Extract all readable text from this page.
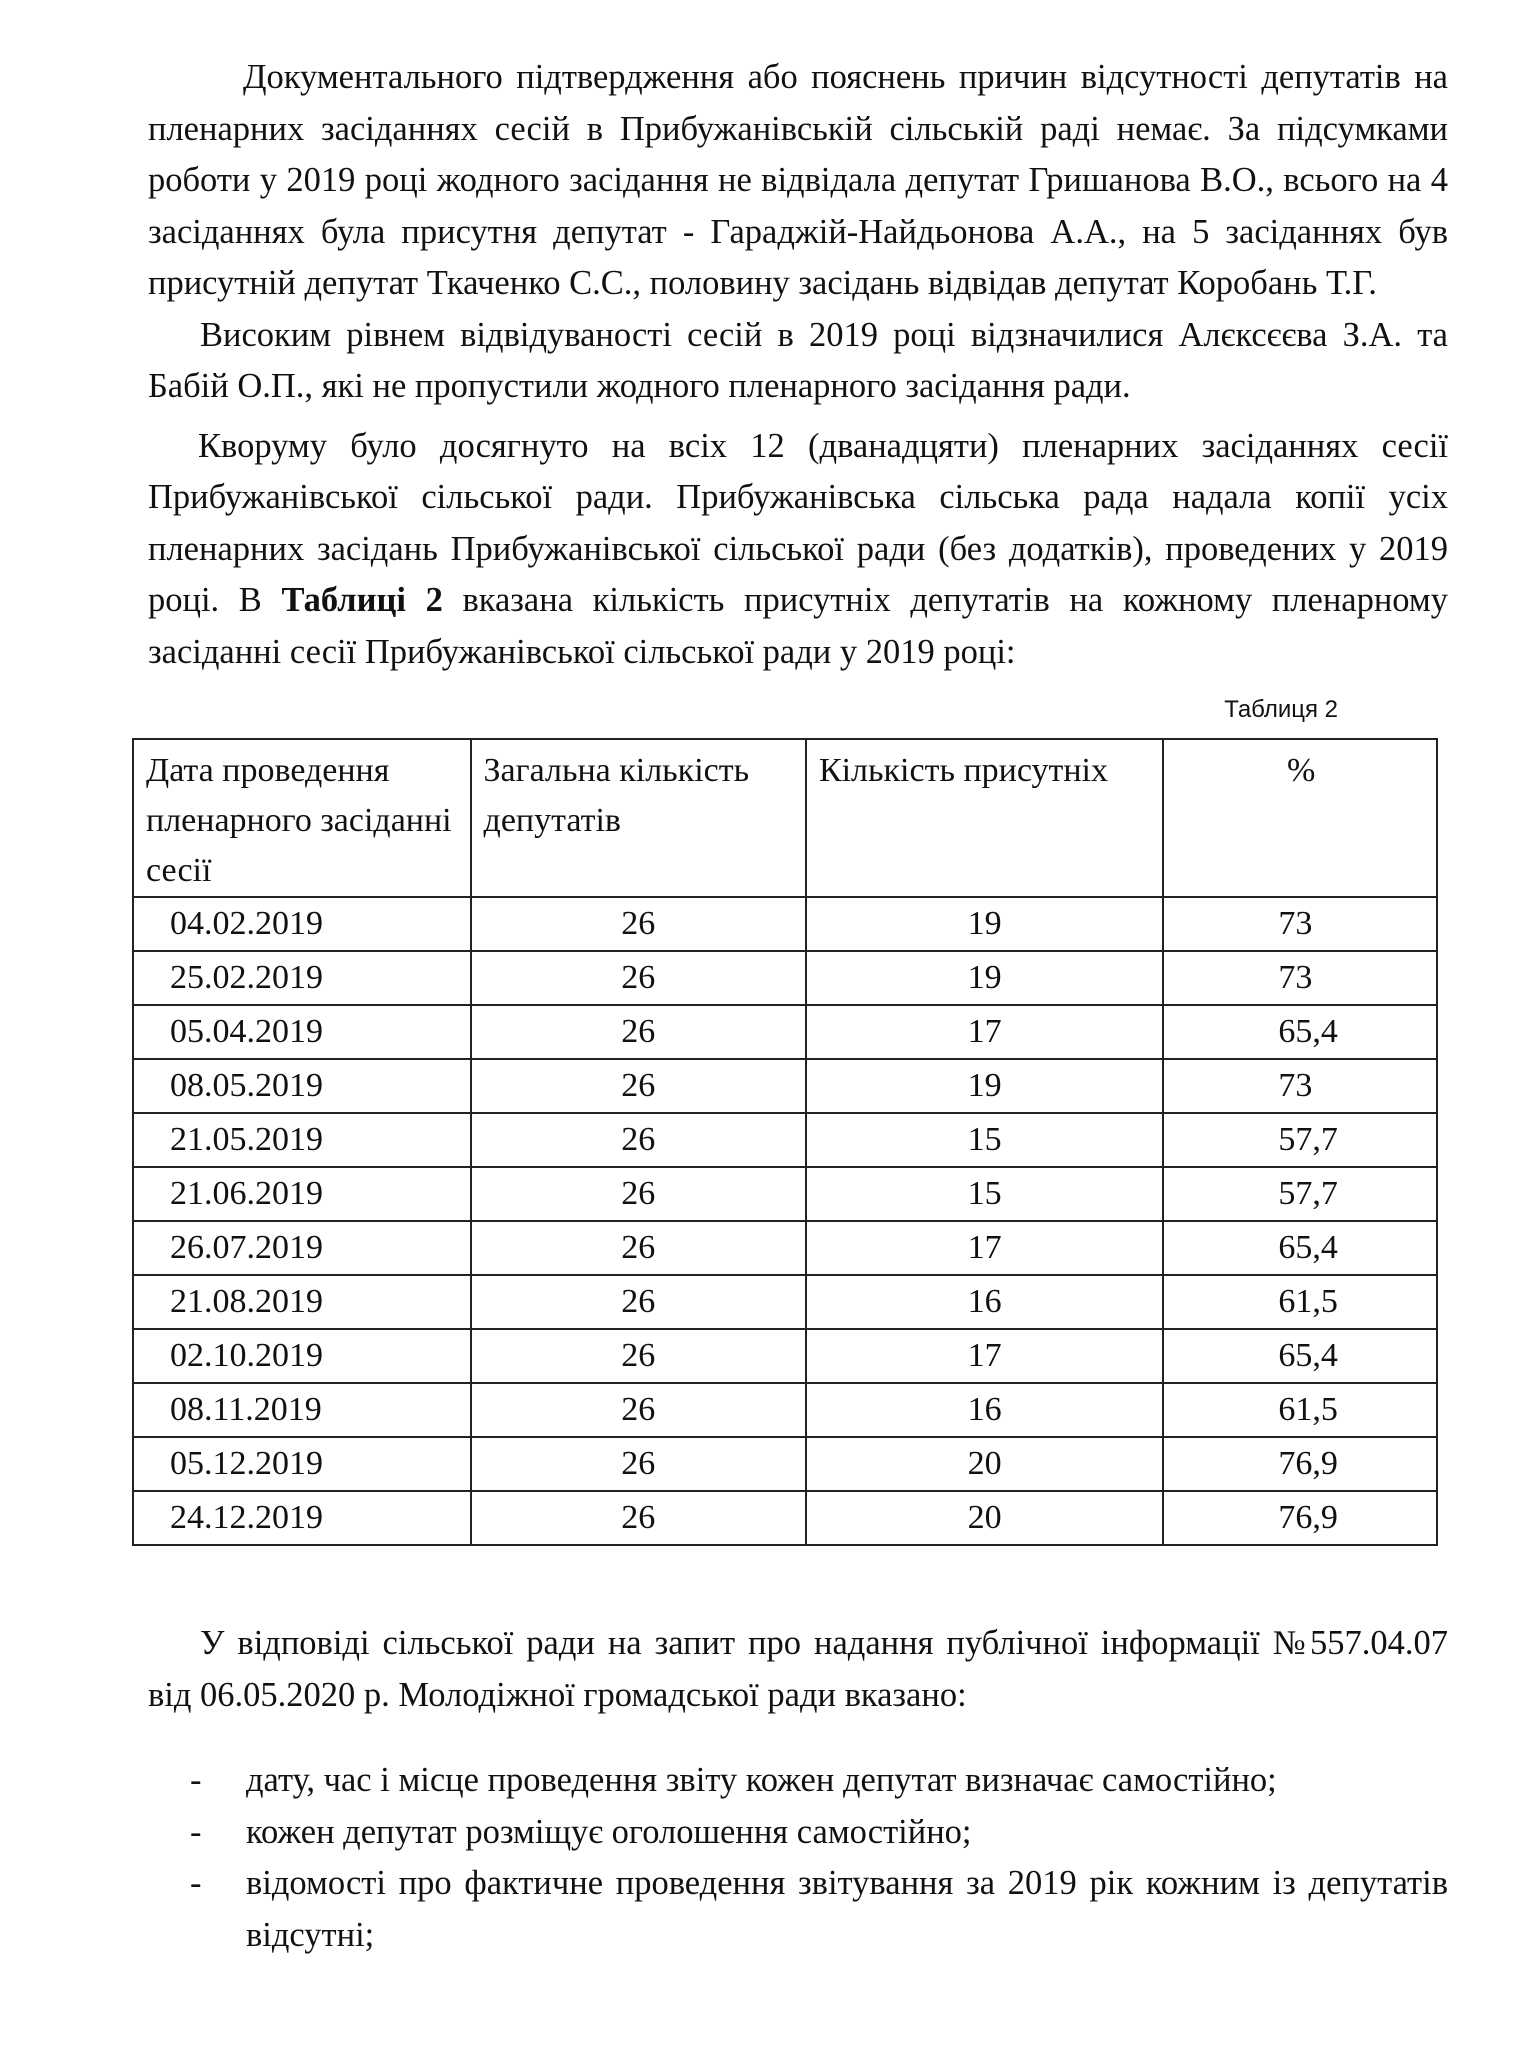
Документального підтвердження або пояснень причин відсутності депутатів на пленарних засіданнях сесій в Прибужанівській сільській раді немає. За підсумками роботи у 2019 році жодного засідання не відвідала депутат Гришанова В.О., всього на 4 засіданнях була присутня депутат - Гараджій-Найдьонова А.А., на 5 засіданнях був присутній депутат Ткаченко С.С., половину засідань відвідав депутат Коробань Т.Г.

Високим рівнем відвідуваності сесій в 2019 році відзначилися Алєксєєва З.А. та Бабій О.П., які не пропустили жодного пленарного засідання ради.

Кворуму було досягнуто на всіх 12 (дванадцяти) пленарних засіданнях сесії Прибужанівської сільської ради. Прибужанівська сільська рада надала копії усіх пленарних засідань Прибужанівської сільської ради (без додатків), проведених у 2019 році. В Таблиці 2 вказана кількість присутніх депутатів на кожному пленарному засіданні сесії Прибужанівської сільської ради у 2019 році:

Таблиця 2
Дата проведення пленарного засіданні сесії	Загальна кількість депутатів	Кількість присутніх	%
04.02.2019	26	19	73
25.02.2019	26	19	73
05.04.2019	26	17	65,4
08.05.2019	26	19	73
21.05.2019	26	15	57,7
21.06.2019	26	15	57,7
26.07.2019	26	17	65,4
21.08.2019	26	16	61,5
02.10.2019	26	17	65,4
08.11.2019	26	16	61,5
05.12.2019	26	20	76,9
24.12.2019	26	20	76,9

У відповіді сільської ради на запит про надання публічної інформації №557.04.07 від 06.05.2020 р. Молодіжної громадської ради вказано:

- дату, час і місце проведення звіту кожен депутат визначає самостійно;
- кожен депутат розміщує оголошення самостійно;
- відомості про фактичне проведення звітування за 2019 рік кожним із депутатів відсутні;
